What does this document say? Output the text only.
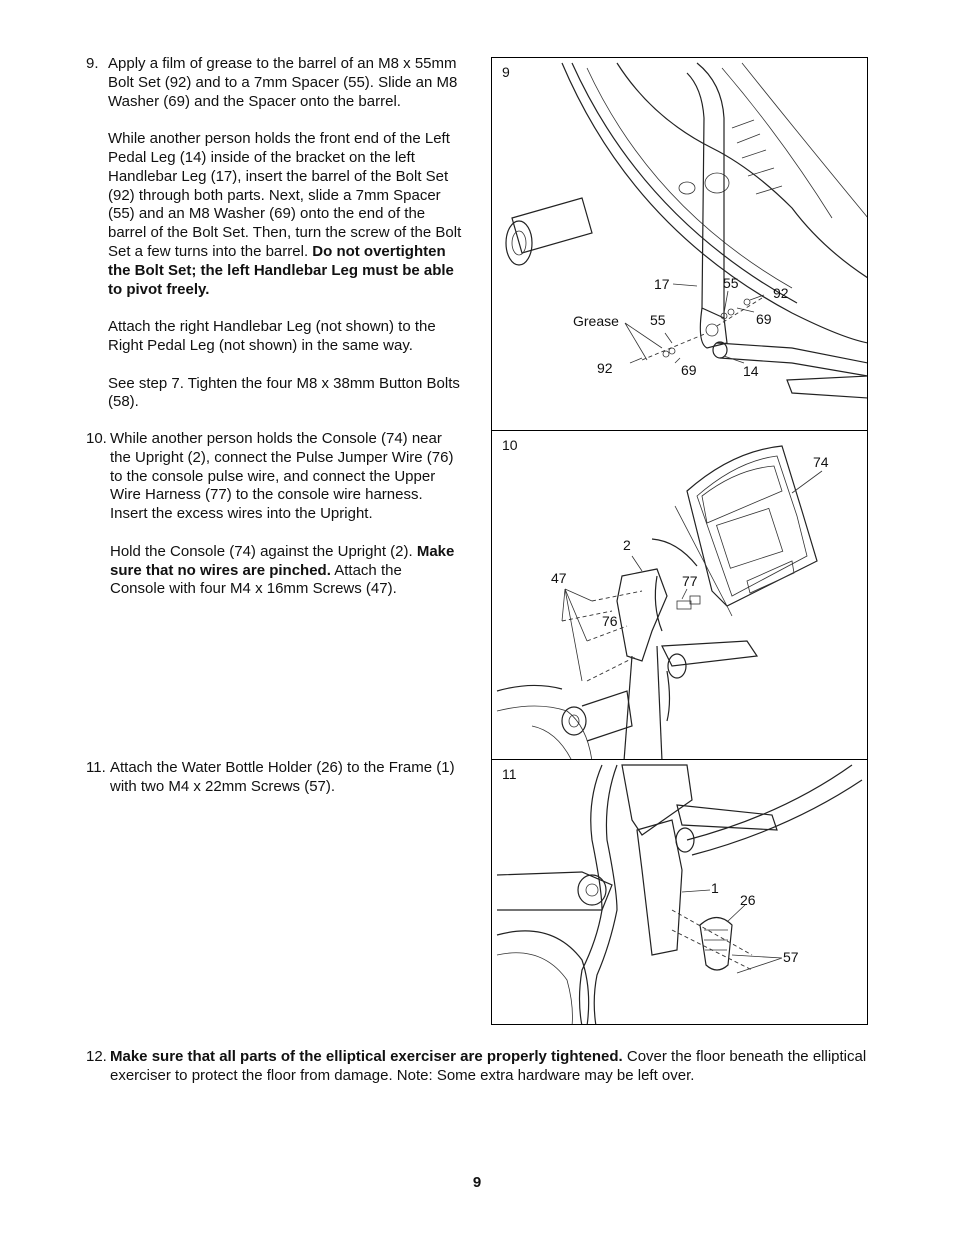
9. Apply a film of grease to the barrel of an M8 x 55mm Bolt Set (92) and to a 7mm Spacer (55). Slide an M8 Washer (69) and the Spacer onto the barrel.

While another person holds the front end of the Left Pedal Leg (14) inside of the bracket on the left Handlebar Leg (17), insert the barrel of the Bolt Set (92) through both parts. Next, slide a 7mm Spacer (55) and an M8 Washer (69) onto the end of the barrel of the Bolt Set. Then, turn the screw of the Bolt Set a few turns into the barrel. Do not overtighten the Bolt Set; the left Handlebar Leg must be able to pivot freely.

Attach the right Handlebar Leg (not shown) to the Right Pedal Leg (not shown) in the same way.

See step 7. Tighten the four M8 x 38mm Button Bolts (58).

10. While another person holds the Console (74) near the Upright (2), connect the Pulse Jumper Wire (76) to the console pulse wire, and connect the Upper Wire Harness (77) to the console wire harness. Insert the excess wires into the Upright.

Hold the Console (74) against the Upright (2). Make sure that no wires are pinched. Attach the Console with four M4 x 16mm Screws (47).

11. Attach the Water Bottle Holder (26) to the Frame (1) with two M4 x 22mm Screws (57).

12. Make sure that all parts of the elliptical exerciser are properly tightened. Cover the floor beneath the elliptical exerciser to protect the floor from damage. Note: Some extra hardware may be left over.

17	55
92
Grease 55	69
92	69	14
9
74
2
47	77
76
10
1
26
57
11
9
